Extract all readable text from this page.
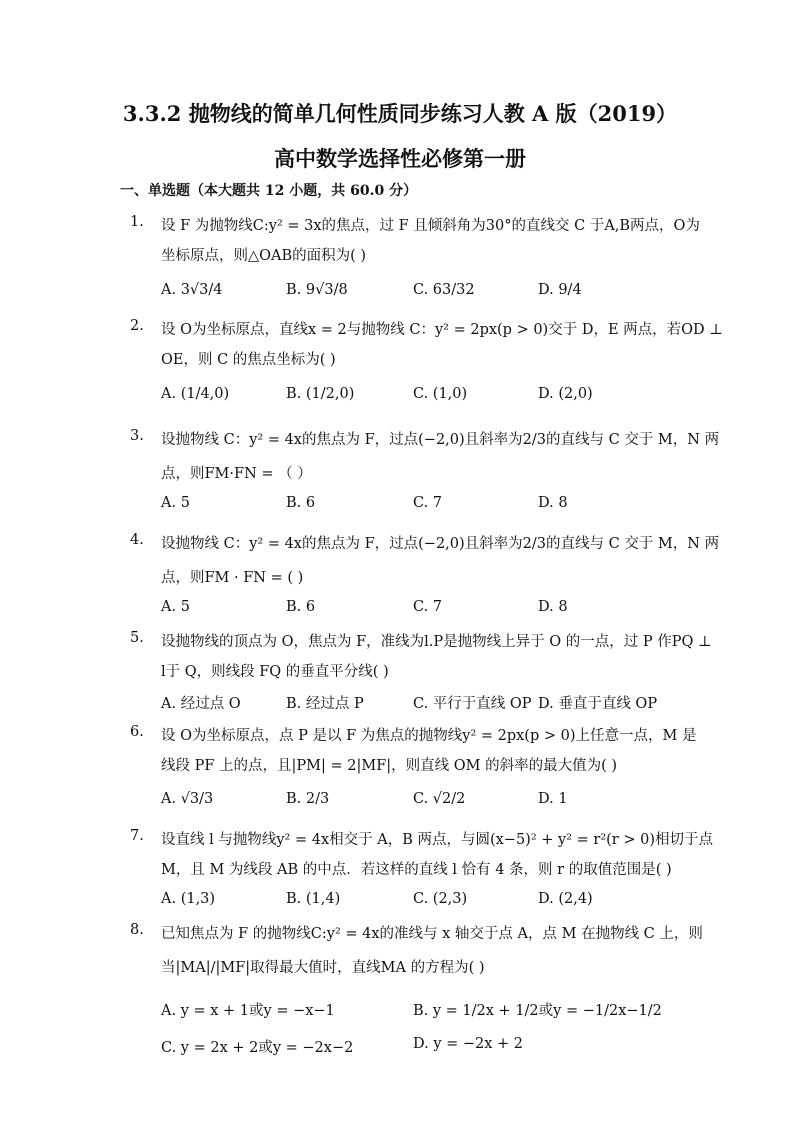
3.3.2 抛物线的简单几何性质同步练习人教 A 版（2019）
高中数学选择性必修第一册
一、单选题（本大题共 12 小题，共 60.0 分）
1.	设 F 为抛物线C:y² = 3x的焦点，过 F 且倾斜角为30°的直线交 C 于A,B两点，O为
坐标原点，则△OAB的面积为( )
A. 3√3/4	B. 9√3/8	C. 63/32	D. 9/4
2.	设 O为坐标原点，直线x = 2与抛物线 C：y² = 2px(p > 0)交于 D，E 两点，若OD ⊥
OE，则 C 的焦点坐标为( )
A. (1/4,0)	B. (1/2,0)	C. (1,0)	D. (2,0)
3.	设抛物线 C：y² = 4x的焦点为 F，过点(−2,0)且斜率为2/3的直线与 C 交于 M，N 两
点，则FM·FN = （ ）
A. 5	B. 6	C. 7	D. 8
4.	设抛物线 C：y² = 4x的焦点为 F，过点(−2,0)且斜率为2/3的直线与 C 交于 M，N 两
点，则FM · FN = ( )
A. 5	B. 6	C. 7	D. 8
5.	设抛物线的顶点为 O，焦点为 F，准线为l.P是抛物线上异于 O 的一点，过 P 作PQ ⊥
l于 Q，则线段 FQ 的垂直平分线( )
A. 经过点 O	B. 经过点 P	C. 平行于直线 OP D. 垂直于直线 OP
6.	设 O为坐标原点，点 P 是以 F 为焦点的抛物线y² = 2px(p > 0)上任意一点，M 是
线段 PF 上的点，且|PM| = 2|MF|，则直线 OM 的斜率的最大值为( )
A. √3/3	B. 2/3	C. √2/2	D. 1
7.	设直线 l 与抛物线y² = 4x相交于 A，B 两点，与圆(x−5)² + y² = r²(r > 0)相切于点
M，且 M 为线段 AB 的中点．若这样的直线 l 恰有 4 条，则 r 的取值范围是( )
A. (1,3)	B. (1,4)	C. (2,3)	D. (2,4)
8.	已知焦点为 F 的抛物线C:y² = 4x的准线与 x 轴交于点 A，点 M 在抛物线 C 上，则
当|MA|/|MF|取得最大值时，直线MA 的方程为( )
A. y = x + 1或y = −x−1	B. y = 1/2x + 1/2或y = −1/2x−1/2
C. y = 2x + 2或y = −2x−2	D. y = −2x + 2
